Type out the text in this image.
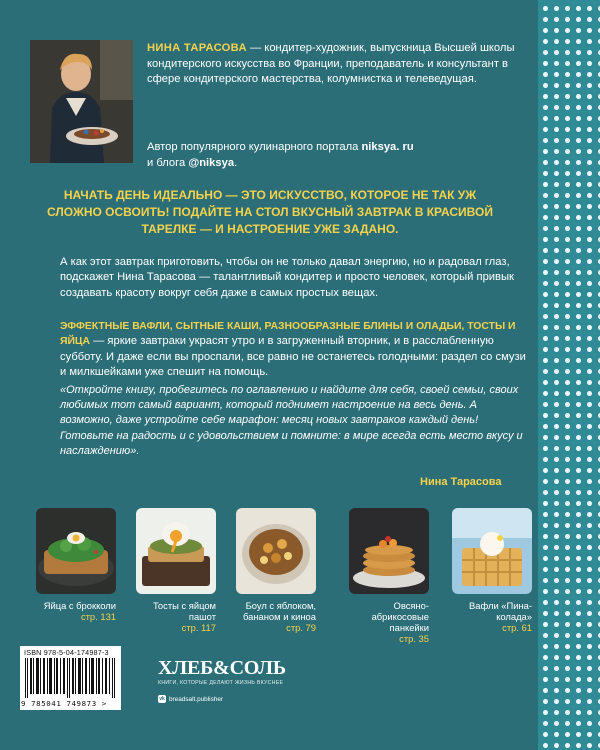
НИНА ТАРАСОВА — кондитер-художник, выпускница Высшей школы кондитерского искусства во Франции, преподаватель и консультант в сфере кондитерского мастерства, колумнистка и телеведущая.
Автор популярного кулинарного портала niksya. ru
и блога @niksya.
НАЧАТЬ ДЕНЬ ИДЕАЛЬНО — ЭТО ИСКУССТВО, КОТОРОЕ НЕ ТАК УЖ СЛОЖНО ОСВОИТЬ! ПОДАЙТЕ НА СТОЛ ВКУСНЫЙ ЗАВТРАК В КРАСИВОЙ ТАРЕЛКЕ — И НАСТРОЕНИЕ УЖЕ ЗАДАНО.
А как этот завтрак приготовить, чтобы он не только давал энергию, но и радовал глаз, подскажет Нина Тарасова — талантливый кондитер и просто человек, который привык создавать красоту вокруг себя даже в самых простых вещах.
ЭФФЕКТНЫЕ ВАФЛИ, СЫТНЫЕ КАШИ, РАЗНООБРАЗНЫЕ БЛИНЫ И ОЛАДЬИ, ТОСТЫ И ЯЙЦА — яркие завтраки украсят утро и в загруженный вторник, и в расслабленную субботу. И даже если вы проспали, все равно не останетесь голодными: раздел со смузи и милкшейками уже спешит на помощь.
«Откройте книгу, пробегитесь по оглавлению и найдите для себя, своей семьи, своих любимых тот самый вариант, который поднимет настроение на весь день. А возможно, даже устройте себе марафон: месяц новых завтраков каждый день! Готовьте на радость и с удовольствием и помните: в мире всегда есть место вкусу и наслаждению».
Нина Тарасова
Яйца с брокколи
стр. 131
Тосты с яйцом пашот
стр. 117
Боул с яблоком, бананом и киноа
стр. 79
Овсяно-абрикосовые панкейки
стр. 35
Вафли «Пина-колада»
стр. 61
ISBN 978-5-04-174987-3
9 785041 749873 >
ХЛЕБ&СОЛЬ
КНИГИ, КОТОРЫЕ ДЕЛАЮТ ЖИЗНЬ ВКУСНЕЕ
vk breadsalt.publisher
